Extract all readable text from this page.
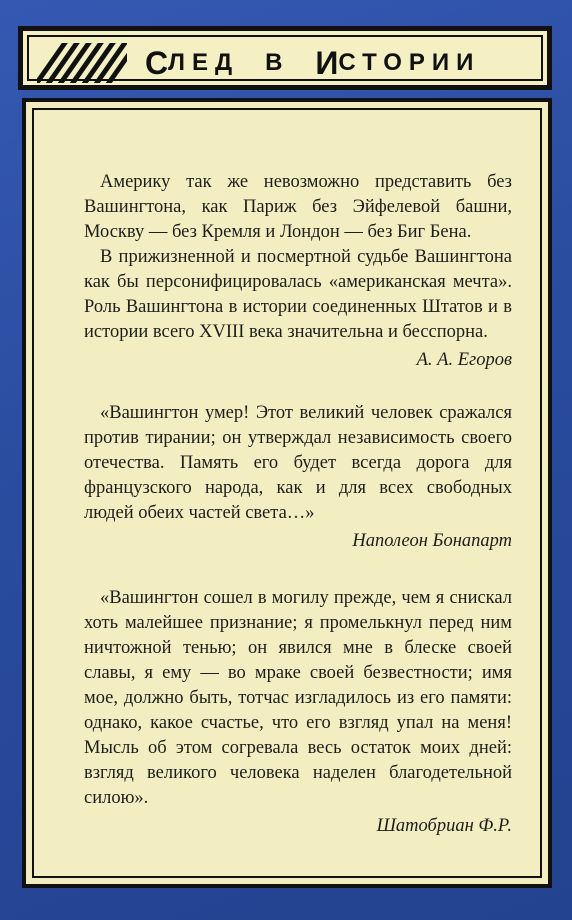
С ЛЕД В И СТОРИИ

Америку так же невозможно представить без Вашингтона, как Париж без Эйфелевой башни, Москву — без Кремля и Лондон — без Биг Бена.

В прижизненной и посмертной судьбе Вашингтона как бы персонифицировалась «американская мечта». Роль Вашингтона в истории соединенных Штатов и в истории всего XVIII века значительна и бесспорна.

А. А. Егоров

«Вашингтон умер! Этот великий человек сражался против тирании; он утверждал независимость своего отечества. Память его будет всегда дорога для французского народа, как и для всех свободных людей обеих частей света…»

Наполеон Бонапарт

«Вашингтон сошел в могилу прежде, чем я снискал хоть малейшее признание; я промелькнул перед ним ничтожной тенью; он явился мне в блеске своей славы, я ему — во мраке своей безвестности; имя мое, должно быть, тотчас изгладилось из его памяти: однако, какое счастье, что его взгляд упал на меня! Мысль об этом согревала весь остаток моих дней: взгляд великого человека наделен благодетельной силою».

Шатобриан Ф.Р.
